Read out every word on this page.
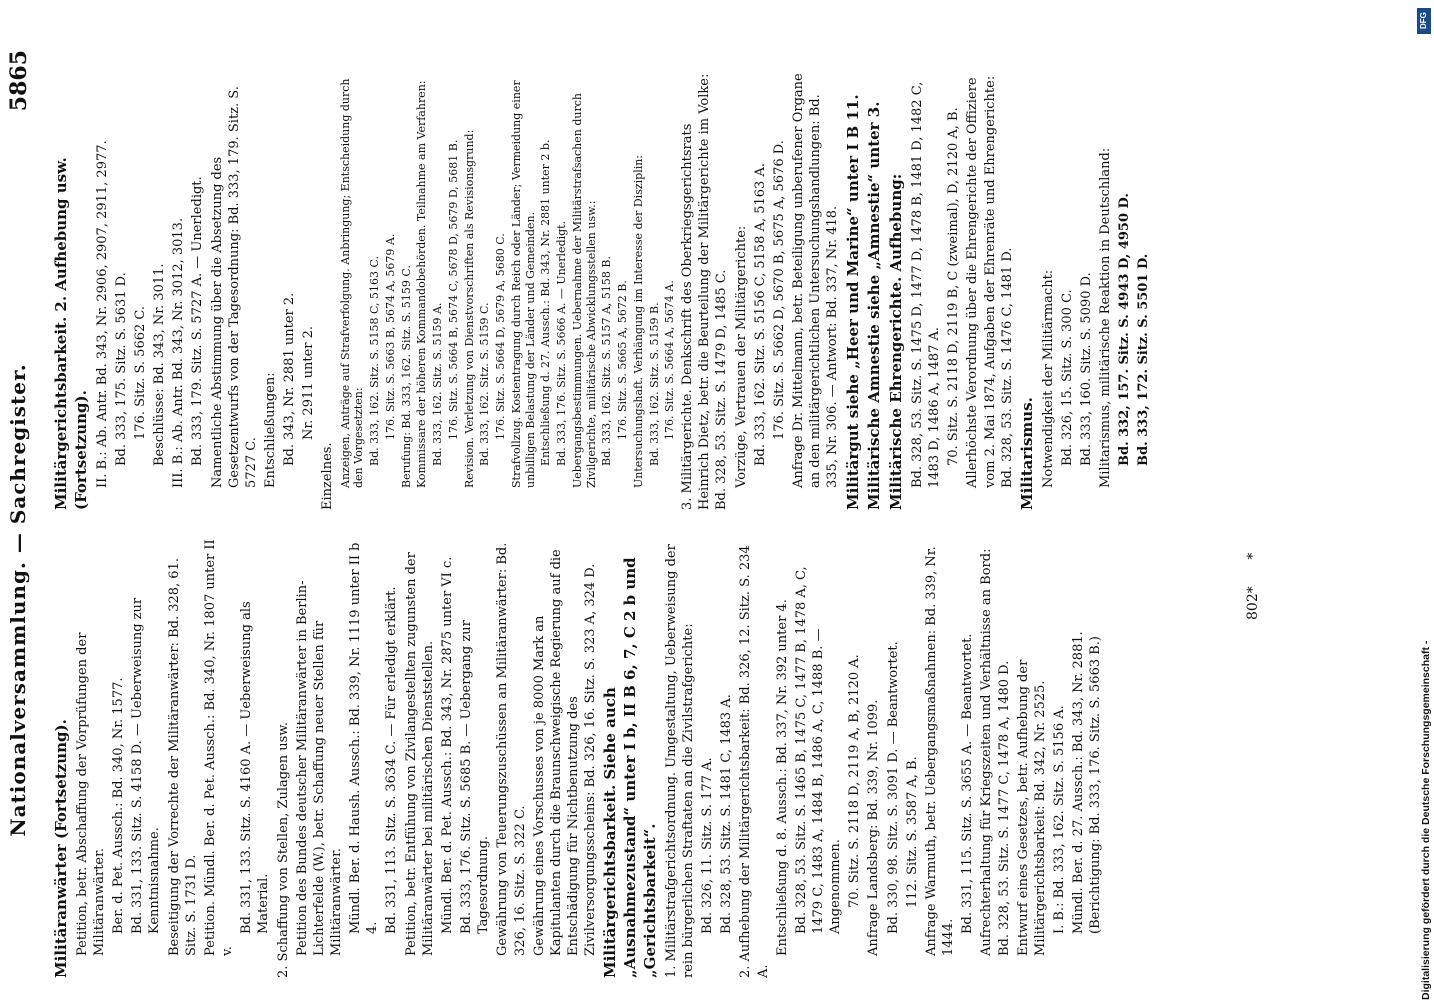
Nationalversammlung. — Sachregister.
5865

Militäranwärter (Fortsetzung). Petition, betr. Abschaffung der Vorprüfungen der Militäranwärter. Ber. d. Pet. Aussch.: Bd. 340, Nr. 1577. Bd. 331, 133. Sitz. S. 4158 D. — Ueberweisung zur Kenntnisnahme. Beseitigung der Vorrechte der Militäranwärter: Bd. 328, 61. Sitz. S. 1731 D. Petition. Mündl. Ber. d. Pet. Aussch.: Bd. 340, Nr. 1807 unter II v.

Bd. 331, 133. Sitz. S. 4160 A. — Ueberweisung als Material. 2. Schaffung von Stellen, Zulagen usw. Petition des Bundes deutscher Militäranwärter in Berlin-Lichterfelde (W.), betr. Schaffung neuer Stellen für Militäranwärter. Mündl. Ber. d. Haush. Aussch.: Bd. 339, Nr. 1119 unter II b 4. Bd. 331, 113. Sitz. S. 3634 C. — Für erledigt erklärt. Petition, betr. Entfühung von Zivilangestellten zugunsten der Militäranwärter bei militärischen Dienststellen. Mündl. Ber. d. Pet. Aussch.: Bd. 343, Nr. 2875 unter VI c. Bd. 333, 176. Sitz. S. 5685 B. — Uebergang zur Tagesordnung. Gewährung von Teuerungszuschüssen an Militäranwärter: Bd. 326, 16. Sitz. S. 322 C. Gewährung eines Vorschusses von je 8000 Mark an Kapitulanten durch die Braunschweigische Regierung auf die Entschädigung für Nichtbenutzung des Zivilversorgungsscheins: Bd. 326, 16. Sitz. S. 323 A, 324 D. Militärgerichtsbarkeit. Siehe auch „Ausnahmezustand“ unter I b, II B 6, 7, C 2 b und „Gerichtsbarkeit“. 1. Militärstrafgerichtsordnung. Umgestaltung, Ueberweisung der rein bürgerlichen Straftaten an die Zivilstrafgerichte: Bd. 326, 11. Sitz. S. 177 A. Bd. 328, 53. Sitz. S. 1481 C, 1483 A. 2. Aufhebung der Militärgerichtsbarkeit: Bd. 326, 12. Sitz. S. 234 A.

Entschließung d. 8. Aussch.: Bd. 337, Nr. 392 unter 4. Bd. 328, 53. Sitz. S. 1465 B, 1475 C, 1477 B, 1478 A, C, 1479 C, 1483 A, 1484 B, 1486 A, C, 1488 B. — Angenommen. 70. Sitz. S. 2118 D, 2119 A, B, 2120 A. Anfrage Landsberg: Bd. 339, Nr. 1099. Bd. 330, 98. Sitz. S. 3091 D. — Beantwortet. 112. Sitz. S. 3587 A, B. Anfrage Warmuth, betr. Uebergangsmaßnahmen: Bd. 339, Nr. 1444.

Bd. 331, 115. Sitz. S. 3655 A. — Beantwortet. Aufrechterhaltung für Kriegszeiten und Verhältnisse an Bord: Bd. 328, 53. Sitz. S. 1477 C, 1478 A, 1480 D. Entwurf eines Gesetzes, betr. Aufhebung der Militärgerichtsbarkeit: Bd. 342, Nr. 2525. I. B.: Bd. 333, 162. Sitz. S. 5156 A. Mündl. Ber. d. 27. Aussch.: Bd. 343, Nr. 2881. (Berichtigung: Bd. 333, 176. Sitz. S. 5663 B.)

Militärgerichtsbarkeit. 2. Aufhebung usw. (Fortsetzung). II. B.: Ab. Antr. Bd. 343, Nr. 2906, 2907, 2911, 2977. Bd. 333, 175. Sitz. S. 5631 D. 176. Sitz. S. 5662 C. Beschlüsse: Bd. 343, Nr. 3011. III. B.: Ab. Antr. Bd. 343, Nr. 3012, 3013. Bd. 333, 179. Sitz. S. 5727 A. — Unerledigt. Namentliche Abstimmung über die Absetzung des Gesetzentwurfs von der Tagesordnung: Bd. 333, 179. Sitz. S. 5727 C. Entschließungen: Bd. 343, Nr. 2881 unter 2. Nr. 2911 unter 2.

Einzelnes. Anzeigen, Anträge auf Strafverfolgung. Anbringung; Entscheidung durch den Vorgesetzten: Bd. 333, 162. Sitz. S. 5158 C, 5163 C. 176. Sitz. S. 5663 B, 5674 A, 5679 A. Berufung: Bd. 333, 162. Sitz. S. 5159 C. Kommissare der höheren Kommandobehörden. Teilnahme am Verfahren: Bd. 333, 162. Sitz. S. 5159 A. 176. Sitz. S. 5664 B, 5674 C, 5678 D, 5679 D, 5681 B. Revision. Verletzung von Dienstvorschriften als Revisionsgrund: Bd. 333, 162. Sitz. S. 5159 C. 176. Sitz. S. 5664 D, 5679 A, 5680 C. Strafvollzug. Kostentragung durch Reich oder Länder; Vermeidung einer unbilligen Belastung der Länder und Gemeinden. Entschließung d. 27. Aussch.: Bd. 343, Nr. 2881 unter 2 b. Bd. 333, 176. Sitz. S. 5666 A. — Unerledigt. Uebergangsbestimmungen. Uebernahme der Militärstrafsachen durch Zivilgerichte, militärische Abwicklungsstellen usw.: Bd. 333, 162. Sitz. S. 5157 A, 5158 B. 176. Sitz. S. 5665 A, 5672 B. Untersuchungshaft. Verhängung im Interesse der Disziplin: Bd. 333, 162. Sitz. S. 5159 B. 176. Sitz. S. 5664 A, 5674 A. 3. Militärgerichte. Denkschrift des Oberkriegsgerichtsrats Heinrich Dietz, betr. die Beurteilung der Militärgerichte im Volke: Bd. 328, 53. Sitz. S. 1479 D, 1485 C. Vorzüge, Vertrauen der Militärgerichte: Bd. 333, 162. Sitz. S. 5156 C, 5158 A, 5163 A. 176. Sitz. S. 5662 D, 5670 B, 5675 A, 5676 D. Anfrage Dr. Mittelmann, betr. Beteiligung unberufener Organe an den militärgerichtlichen Untersuchungshandlungen: Bd. 335, Nr. 306. — Antwort: Bd. 337, Nr. 418. Militärgut siehe „Heer und Marine“ unter I B 11. Militärische Amnestie siehe „Amnestie“ unter 3. Militärische Ehrengerichte. Aufhebung: Bd. 328, 53. Sitz. S. 1475 D, 1477 D, 1478 B, 1481 D, 1482 C, 1483 D, 1486 A, 1487 A. 70. Sitz. S. 2118 D, 2119 B, C (zweimal), D, 2120 A, B. Allerhöchste Verordnung über die Ehrengerichte der Offiziere vom 2. Mai 1874, Aufgaben der Ehrenräte und Ehrengerichte: Bd. 328, 53. Sitz. S. 1476 C, 1481 D. Militarismus. Notwendigkeit der Militärmacht: Bd. 326, 15. Sitz. S. 300 C. Bd. 333, 160. Sitz. S. 5090 D. Militarismus, militärische Reaktion in Deutschland: Bd. 332, 157. Sitz. S. 4943 D, 4950 D. Bd. 333, 172. Sitz. S. 5501 D.

802*      *
Digitalisierung gefördert durch die Deutsche Forschungsgemeinschaft -
DFG
